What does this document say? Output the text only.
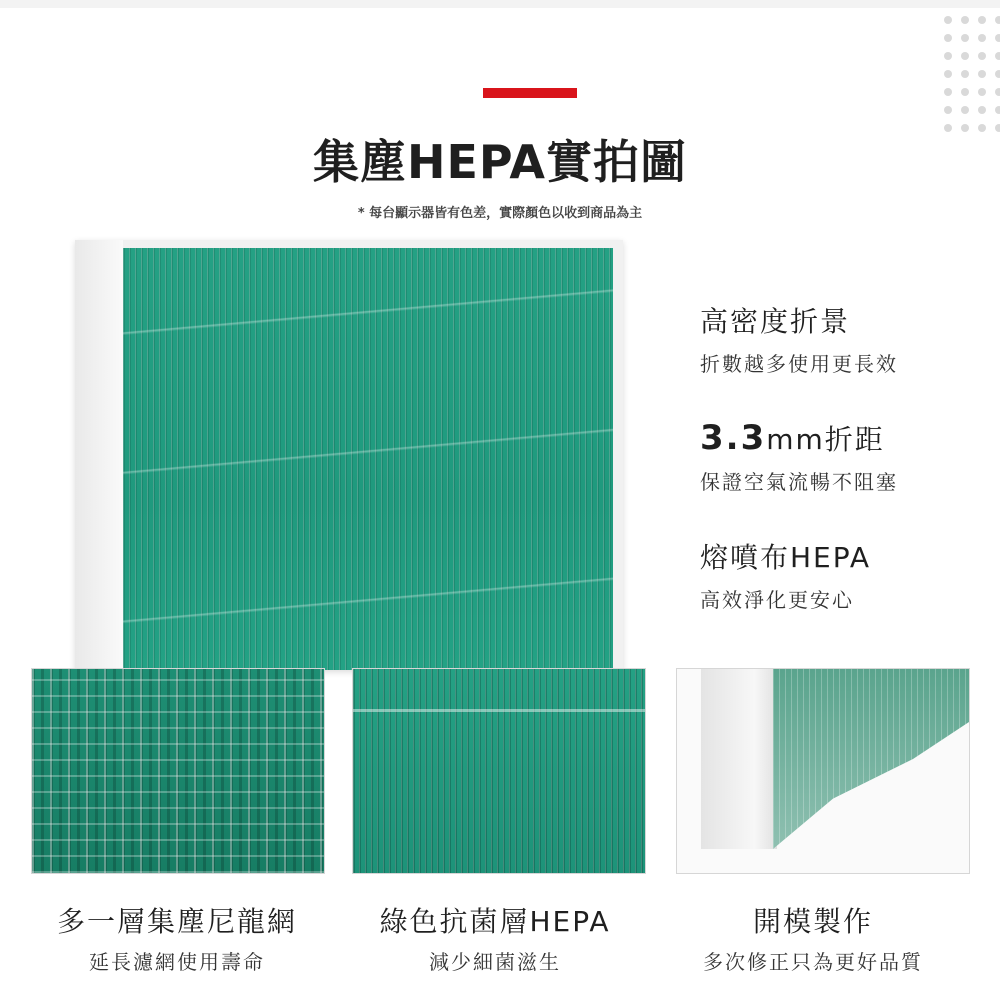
集塵HEPA實拍圖
* 每台顯示器皆有色差，實際顏色以收到商品為主
高密度折景
折數越多使用更長效
3.3mm折距
保證空氣流暢不阻塞
熔噴布HEPA
高效淨化更安心
多一層集塵尼龍網
延長濾網使用壽命
綠色抗菌層HEPA
減少細菌滋生
開模製作
多次修正只為更好品質
